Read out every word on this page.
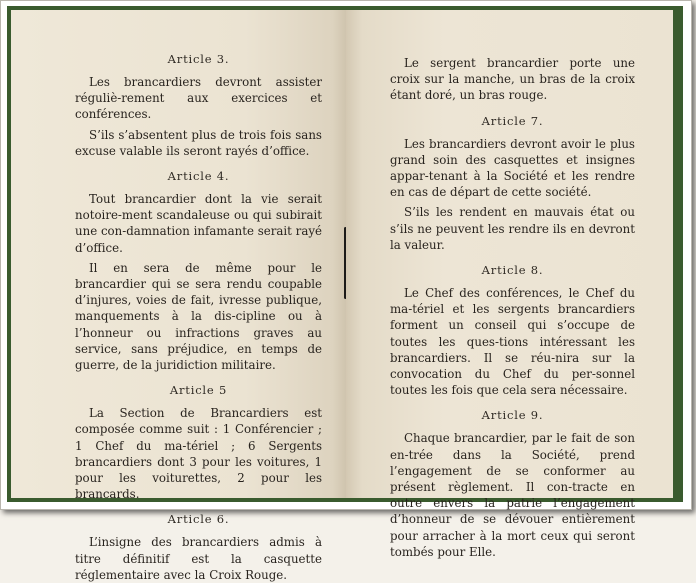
Article 3.

Les brancardiers devront assister réguliè-rement aux exercices et conférences.

S’ils s’absentent plus de trois fois sans excuse valable ils seront rayés d’office.

Article 4.

Tout brancardier dont la vie serait notoire-ment scandaleuse ou qui subirait une con-damnation infamante serait rayé d’office.

Il en sera de même pour le brancardier qui se sera rendu coupable d’injures, voies de fait, ivresse publique, manquements à la dis-cipline ou à l’honneur ou infractions graves au service, sans préjudice, en temps de guerre, de la juridiction militaire.

Article 5

La Section de Brancardiers est composée comme suit : 1 Conférencier ; 1 Chef du ma-tériel ; 6 Sergents brancardiers dont 3 pour les voitures, 1 pour les voiturettes, 2 pour les brancards.

Article 6.

L’insigne des brancardiers admis à titre définitif est la casquette réglementaire avec la Croix Rouge.

Le sergent brancardier porte une croix sur la manche, un bras de la croix étant doré, un bras rouge.

Article 7.

Les brancardiers devront avoir le plus grand soin des casquettes et insignes appar-tenant à la Société et les rendre en cas de départ de cette société.

S’ils les rendent en mauvais état ou s’ils ne peuvent les rendre ils en devront la valeur.

Article 8.

Le Chef des conférences, le Chef du ma-tériel et les sergents brancardiers forment un conseil qui s’occupe de toutes les ques-tions intéressant les brancardiers. Il se réu-nira sur la convocation du Chef du per-sonnel toutes les fois que cela sera nécessaire.

Article 9.

Chaque brancardier, par le fait de son en-trée dans la Société, prend l’engagement de se conformer au présent règlement. Il con-tracte en outre envers la patrie l’engagement d’honneur de se dévouer entièrement pour arracher à la mort ceux qui seront tombés pour Elle.
